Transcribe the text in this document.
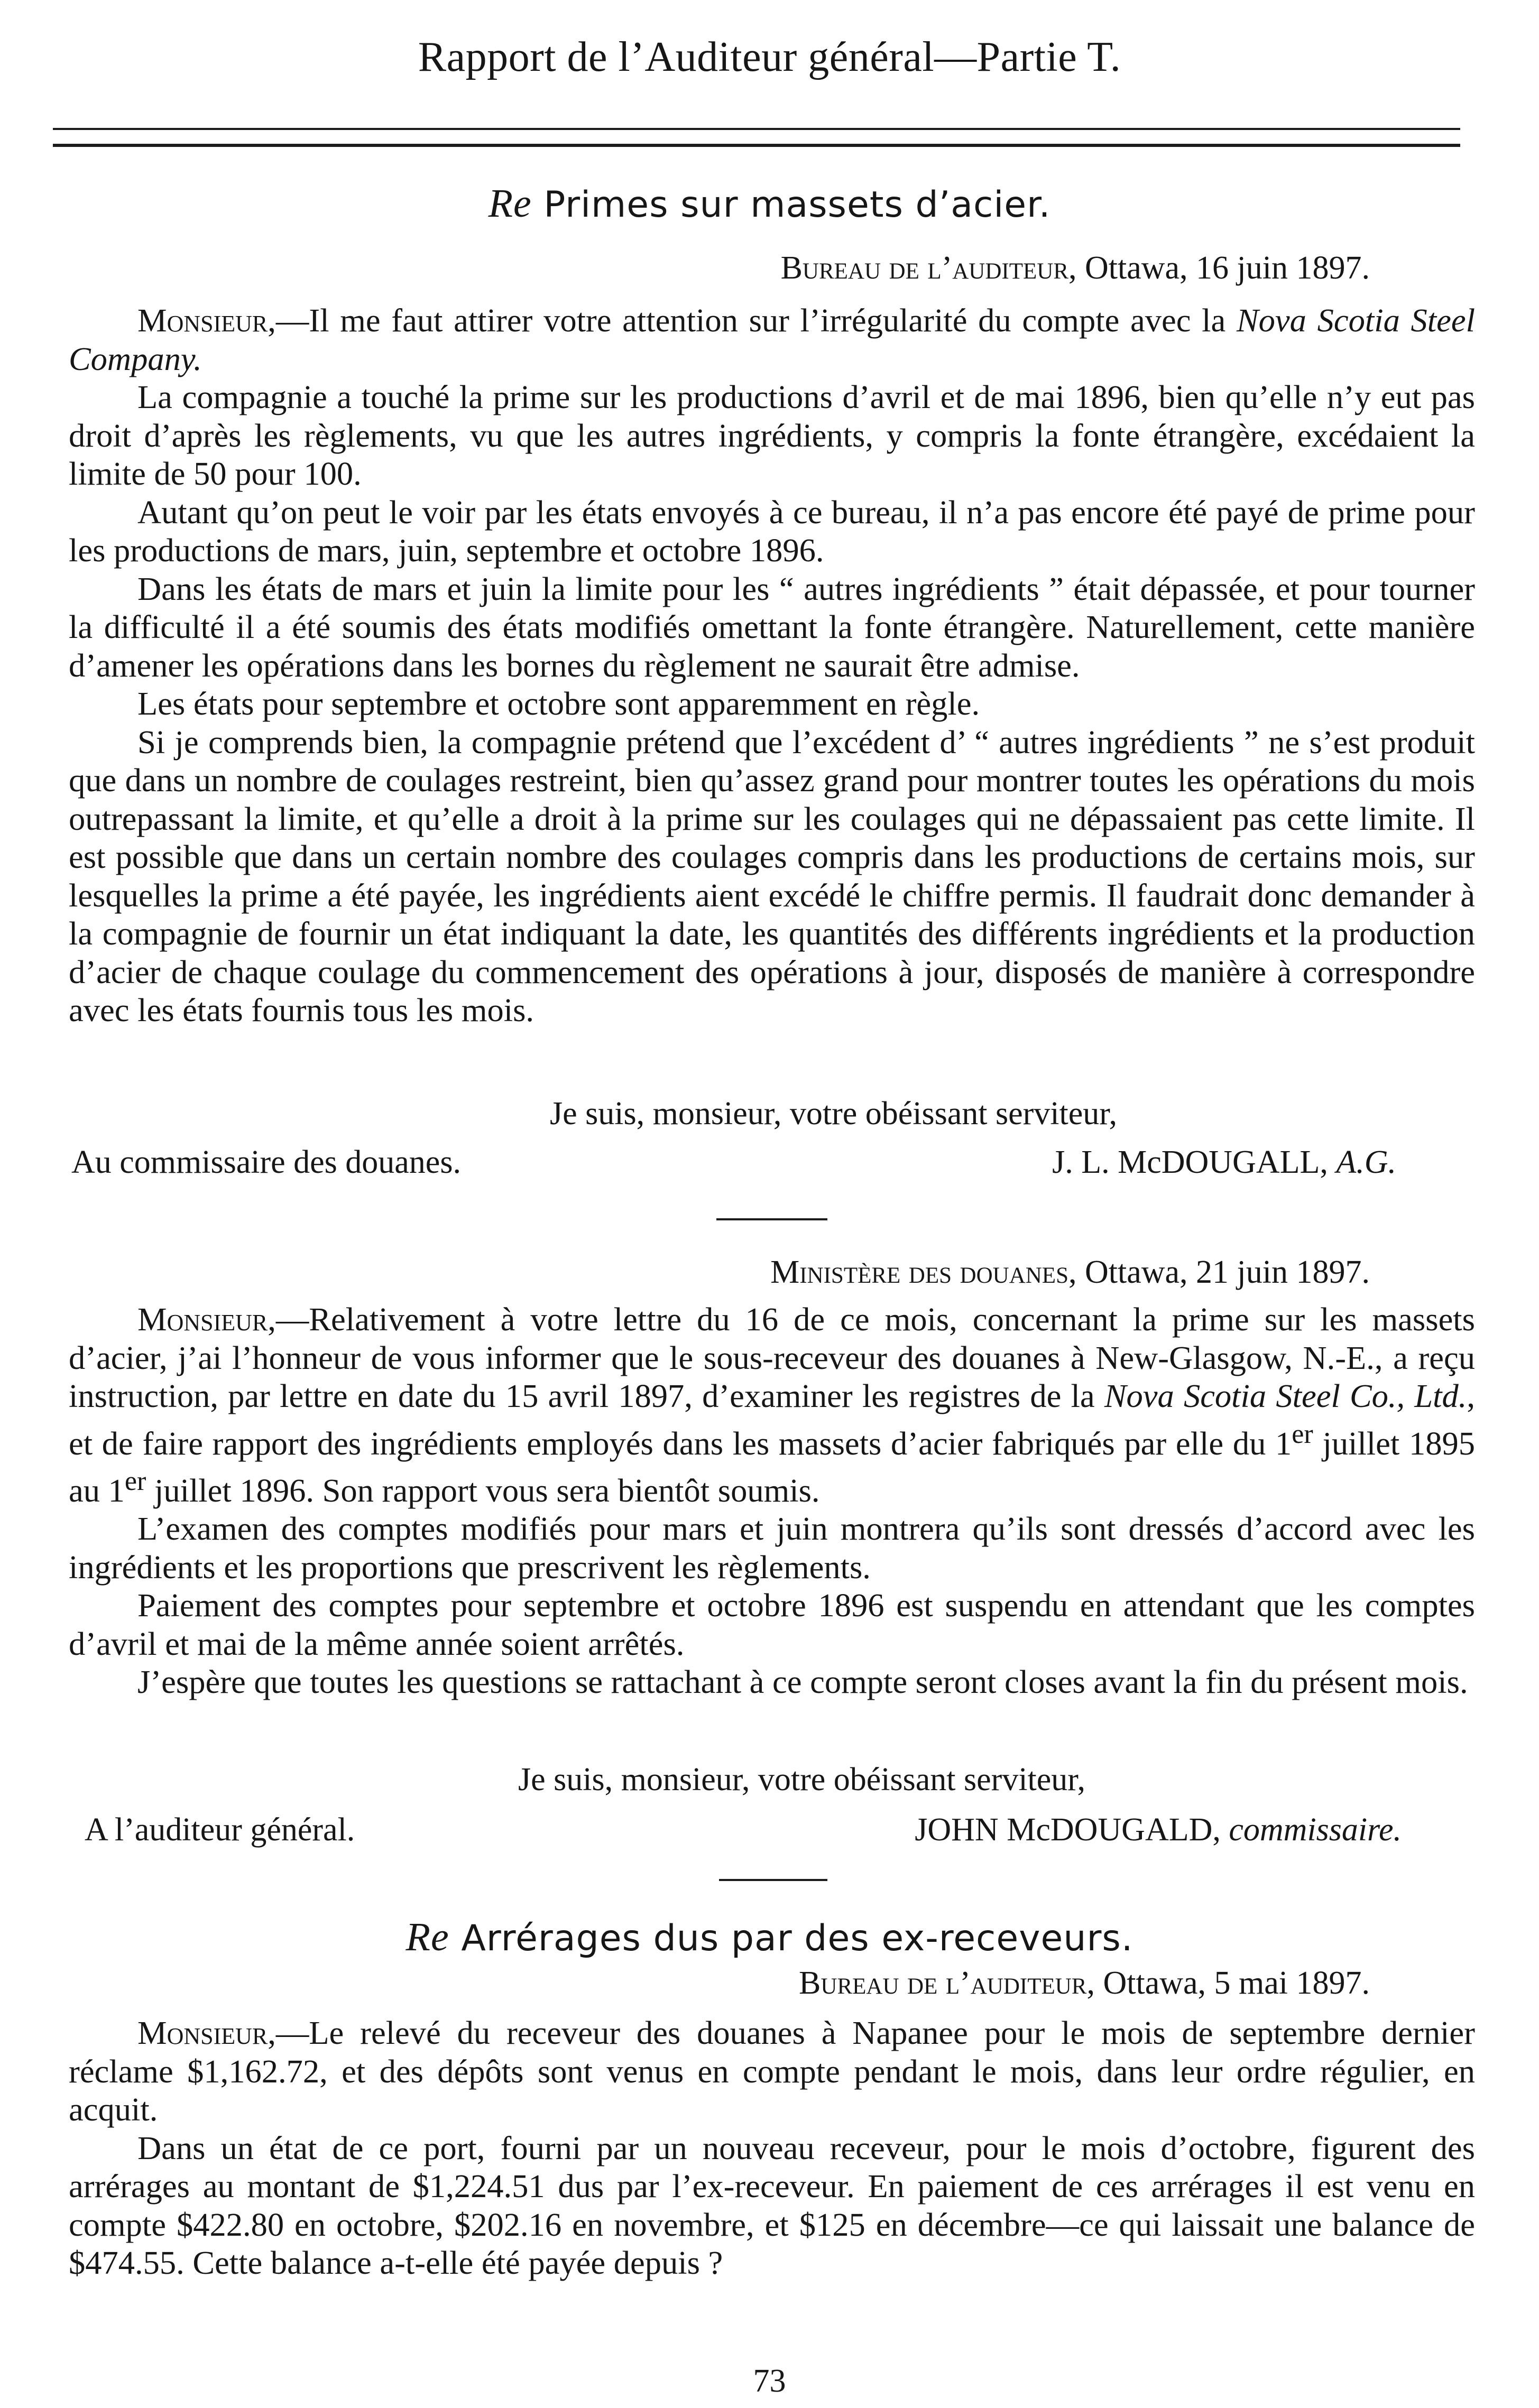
Rapport de l’Auditeur général—Partie T.
Re Primes sur massets d’acier.
Bureau de l’auditeur, Ottawa, 16 juin 1897.

Monsieur,—Il me faut attirer votre attention sur l’irrégularité du compte avec la Nova Scotia Steel Company.

La compagnie a touché la prime sur les productions d’avril et de mai 1896, bien qu’elle n’y eut pas droit d’après les règlements, vu que les autres ingrédients, y compris la fonte étrangère, excédaient la limite de 50 pour 100.

Autant qu’on peut le voir par les états envoyés à ce bureau, il n’a pas encore été payé de prime pour les productions de mars, juin, septembre et octobre 1896.

Dans les états de mars et juin la limite pour les “ autres ingrédients ” était dépassée, et pour tourner la difficulté il a été soumis des états modifiés omettant la fonte étrangère. Naturellement, cette manière d’amener les opérations dans les bornes du règlement ne saurait être admise.

Les états pour septembre et octobre sont apparemment en règle.

Si je comprends bien, la compagnie prétend que l’excédent d’ “ autres ingrédients ” ne s’est produit que dans un nombre de coulages restreint, bien qu’assez grand pour montrer toutes les opérations du mois outrepassant la limite, et qu’elle a droit à la prime sur les coulages qui ne dépassaient pas cette limite. Il est possible que dans un certain nombre des coulages compris dans les productions de certains mois, sur lesquelles la prime a été payée, les ingrédients aient excédé le chiffre permis. Il faudrait donc demander à la compagnie de fournir un état indiquant la date, les quantités des différents ingrédients et la production d’acier de chaque coulage du commencement des opérations à jour, disposés de manière à correspondre avec les états fournis tous les mois.

Je suis, monsieur, votre obéissant serviteur,
Au commissaire des douanes.	J. L. McDOUGALL, A.G.
Ministère des douanes, Ottawa, 21 juin 1897.

Monsieur,—Relativement à votre lettre du 16 de ce mois, concernant la prime sur les massets d’acier, j’ai l’honneur de vous informer que le sous-receveur des douanes à New-Glasgow, N.-E., a reçu instruction, par lettre en date du 15 avril 1897, d’examiner les registres de la Nova Scotia Steel Co., Ltd., et de faire rapport des ingrédients employés dans les massets d’acier fabriqués par elle du 1er juillet 1895 au 1er juillet 1896. Son rapport vous sera bientôt soumis.

L’examen des comptes modifiés pour mars et juin montrera qu’ils sont dressés d’accord avec les ingrédients et les proportions que prescrivent les règlements.

Paiement des comptes pour septembre et octobre 1896 est suspendu en attendant que les comptes d’avril et mai de la même année soient arrêtés.

J’espère que toutes les questions se rattachant à ce compte seront closes avant la fin du présent mois.

Je suis, monsieur, votre obéissant serviteur,
A l’auditeur général.	JOHN McDOUGALD, commissaire.
Re Arrérages dus par des ex-receveurs.
Bureau de l’auditeur, Ottawa, 5 mai 1897.

Monsieur,—Le relevé du receveur des douanes à Napanee pour le mois de septembre dernier réclame $1,162.72, et des dépôts sont venus en compte pendant le mois, dans leur ordre régulier, en acquit.

Dans un état de ce port, fourni par un nouveau receveur, pour le mois d’octobre, figurent des arrérages au montant de $1,224.51 dus par l’ex-receveur. En paiement de ces arrérages il est venu en compte $422.80 en octobre, $202.16 en novembre, et $125 en décembre—ce qui laissait une balance de $474.55. Cette balance a-t-elle été payée depuis ?

73
